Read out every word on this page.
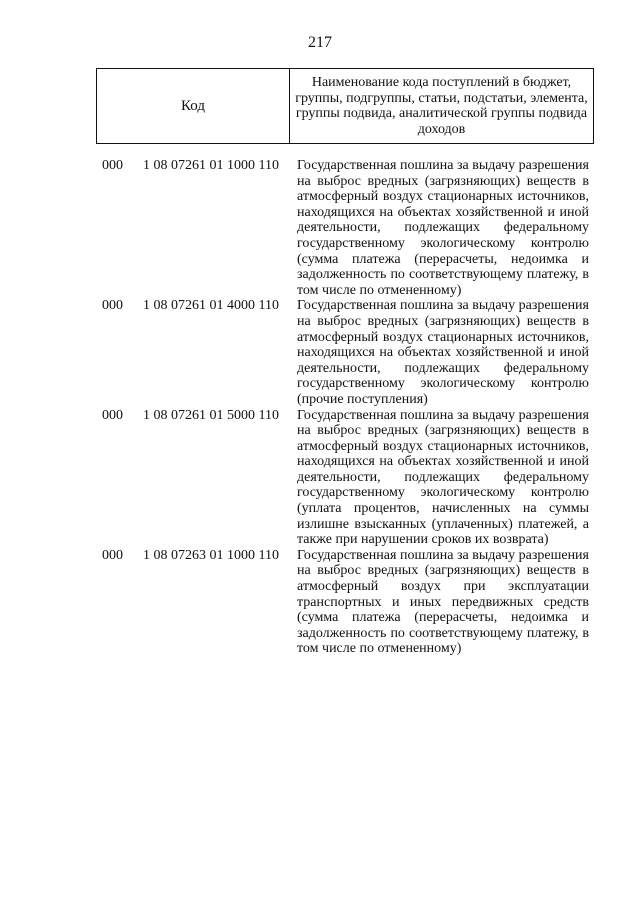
217
Код
Наименование кода поступлений в бюджет, группы, подгруппы, статьи, подстатьи, элемента, группы подвида, аналитической группы подвида доходов
000 1 08 07261 01 1000 110 Государственная пошлина за выдачу разрешения на выброс вредных (загрязняющих) веществ в атмосферный воздух стационарных источников, находящихся на объектах хозяйственной и иной деятельности, подлежащих федеральному государственному экологическому контролю (сумма платежа (перерасчеты, недоимка и задолженность по соответствующему платежу, в том числе по отмененному)
000 1 08 07261 01 4000 110 Государственная пошлина за выдачу разрешения на выброс вредных (загрязняющих) веществ в атмосферный воздух стационарных источников, находящихся на объектах хозяйственной и иной деятельности, подлежащих федеральному государственному экологическому контролю (прочие поступления)
000 1 08 07261 01 5000 110 Государственная пошлина за выдачу разрешения на выброс вредных (загрязняющих) веществ в атмосферный воздух стационарных источников, находящихся на объектах хозяйственной и иной деятельности, подлежащих федеральному государственному экологическому контролю (уплата процентов, начисленных на суммы излишне взысканных (уплаченных) платежей, а также при нарушении сроков их возврата)
000 1 08 07263 01 1000 110 Государственная пошлина за выдачу разрешения на выброс вредных (загрязняющих) веществ в атмосферный воздух при эксплуатации транспортных и иных передвижных средств (сумма платежа (перерасчеты, недоимка и задолженность по соответствующему платежу, в том числе по отмененному)
